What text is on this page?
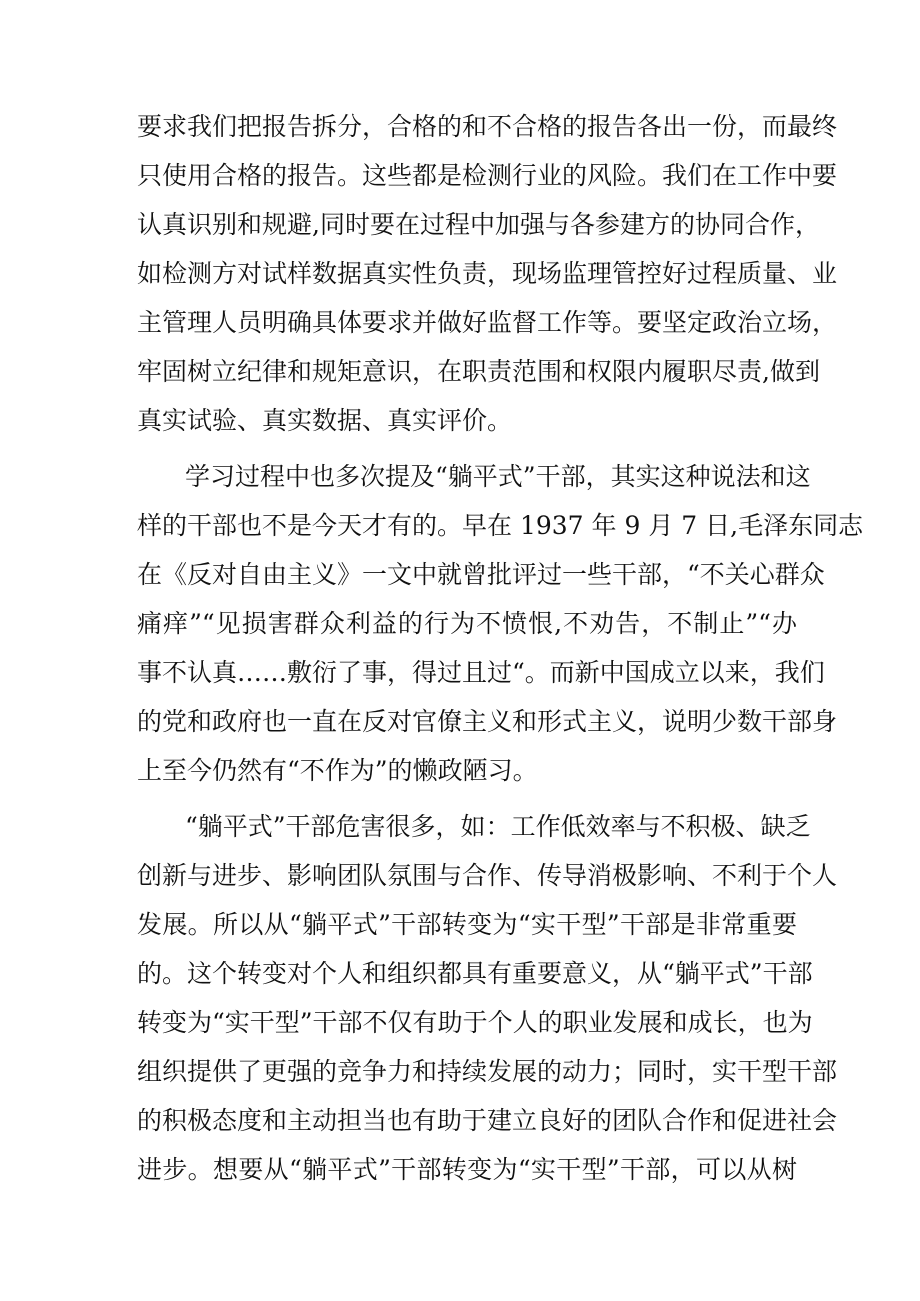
要求我们把报告拆分，合格的和不合格的报告各出一份，而最终
只使用合格的报告。这些都是检测行业的风险。我们在工作中要
认真识别和规避,同时要在过程中加强与各参建方的协同合作，
如检测方对试样数据真实性负责，现场监理管控好过程质量、业
主管理人员明确具体要求并做好监督工作等。要坚定政治立场，
牢固树立纪律和规矩意识，在职责范围和权限内履职尽责,做到
真实试验、真实数据、真实评价。
学习过程中也多次提及“躺平式”干部，其实这种说法和这
样的干部也不是今天才有的。早在 1937 年 9 月 7 日,毛泽东同志
在《反对自由主义》一文中就曾批评过一些干部，“不关心群众
痛痒”“见损害群众利益的行为不愤恨,不劝告，不制止”“办
事不认真……敷衍了事，得过且过“。而新中国成立以来，我们
的党和政府也一直在反对官僚主义和形式主义，说明少数干部身
上至今仍然有“不作为”的懒政陋习。
“躺平式”干部危害很多，如：工作低效率与不积极、缺乏
创新与进步、影响团队氛围与合作、传导消极影响、不利于个人
发展。所以从“躺平式”干部转变为“实干型”干部是非常重要
的。这个转变对个人和组织都具有重要意义，从“躺平式”干部
转变为“实干型”干部不仅有助于个人的职业发展和成长，也为
组织提供了更强的竞争力和持续发展的动力；同时，实干型干部
的积极态度和主动担当也有助于建立良好的团队合作和促进社会
进步。想要从“躺平式”干部转变为“实干型”干部，可以从树
